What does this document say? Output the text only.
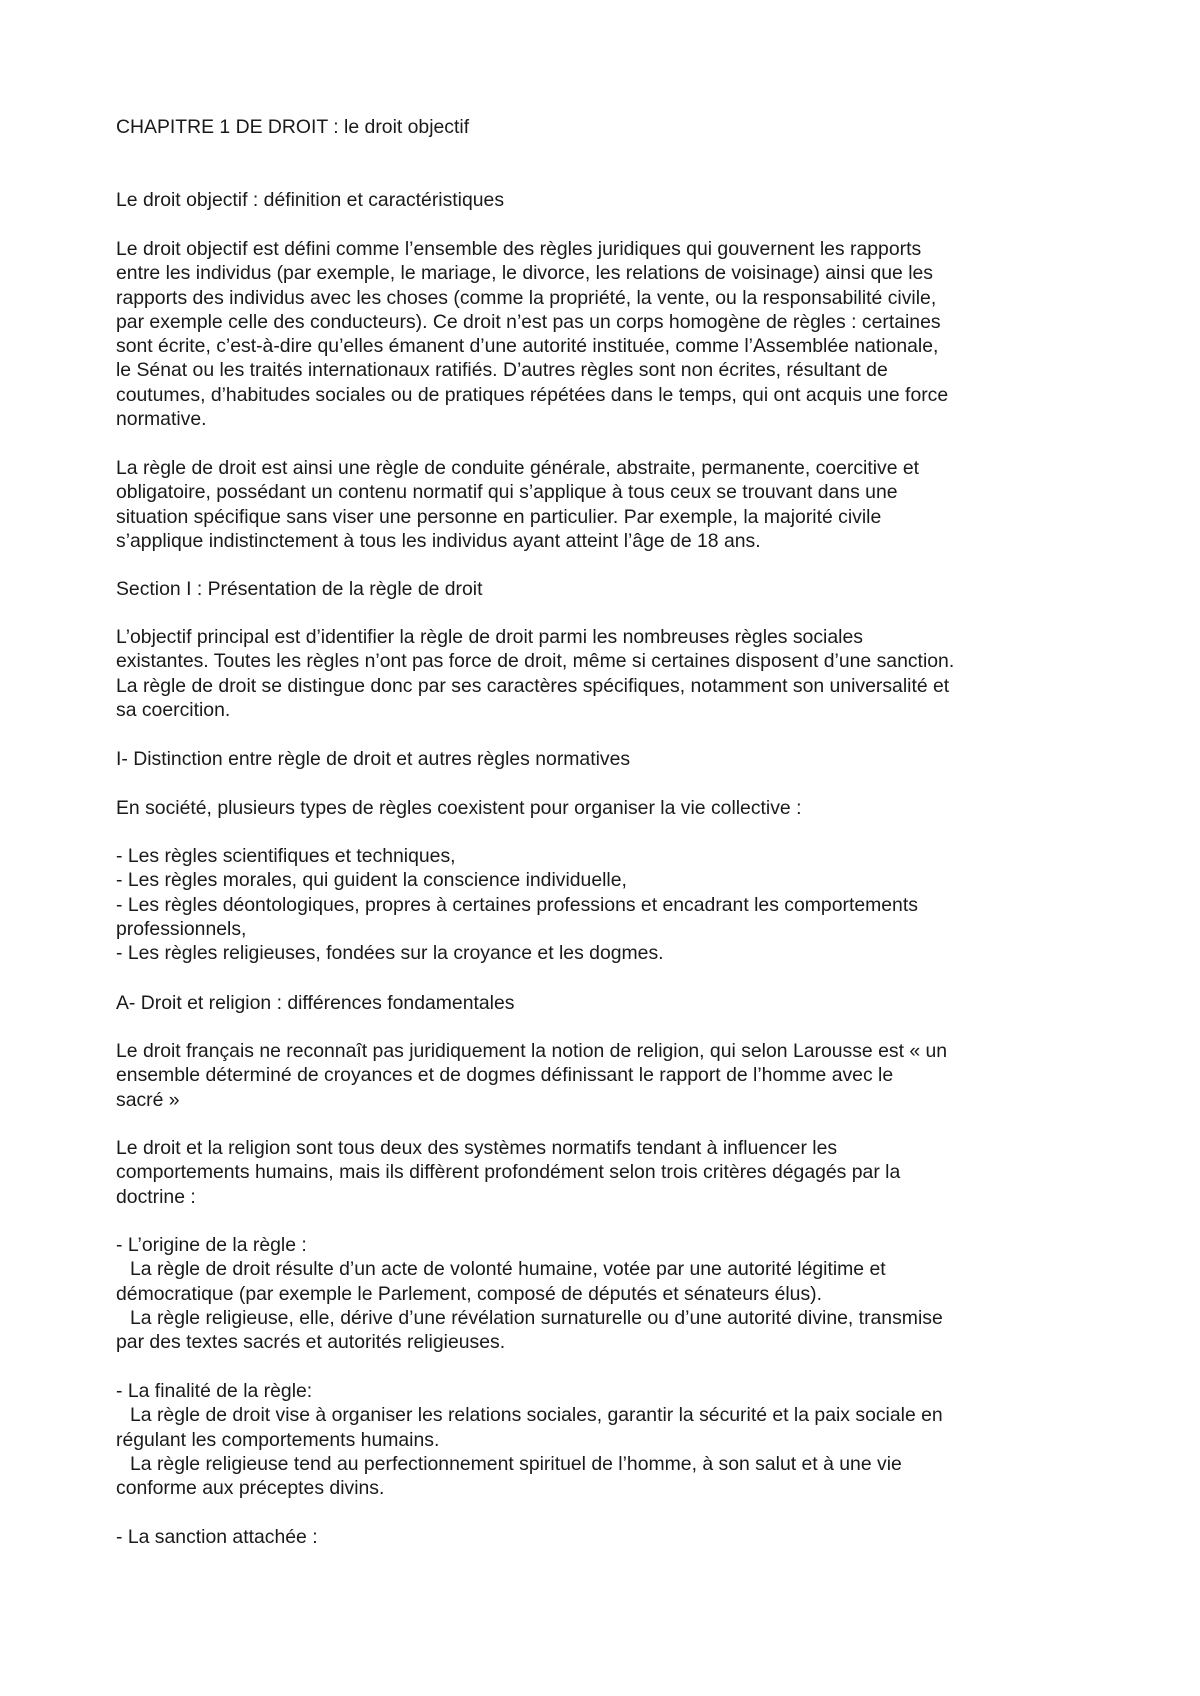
CHAPITRE 1 DE DROIT : le droit objectif
Le droit objectif : définition et caractéristiques
Le droit objectif est défini comme l’ensemble des règles juridiques qui gouvernent les rapports
entre les individus (par exemple, le mariage, le divorce, les relations de voisinage) ainsi que les
rapports des individus avec les choses (comme la propriété, la vente, ou la responsabilité civile,
par exemple celle des conducteurs). Ce droit n’est pas un corps homogène de règles : certaines
sont écrite, c’est-à-dire qu’elles émanent d’une autorité instituée, comme l’Assemblée nationale,
le Sénat ou les traités internationaux ratifiés. D’autres règles sont non écrites, résultant de
coutumes, d’habitudes sociales ou de pratiques répétées dans le temps, qui ont acquis une force
normative.
La règle de droit est ainsi une règle de conduite générale, abstraite, permanente, coercitive et
obligatoire, possédant un contenu normatif qui s’applique à tous ceux se trouvant dans une
situation spécifique sans viser une personne en particulier. Par exemple, la majorité civile
s’applique indistinctement à tous les individus ayant atteint l’âge de 18 ans.
Section I : Présentation de la règle de droit
L’objectif principal est d’identifier la règle de droit parmi les nombreuses règles sociales
existantes. Toutes les règles n’ont pas force de droit, même si certaines disposent d’une sanction.
La règle de droit se distingue donc par ses caractères spécifiques, notamment son universalité et
sa coercition.
I- Distinction entre règle de droit et autres règles normatives
En société, plusieurs types de règles coexistent pour organiser la vie collective :
- Les règles scientifiques et techniques,
- Les règles morales, qui guident la conscience individuelle,
- Les règles déontologiques, propres à certaines professions et encadrant les comportements
professionnels,
- Les règles religieuses, fondées sur la croyance et les dogmes.
A- Droit et religion : différences fondamentales
Le droit français ne reconnaît pas juridiquement la notion de religion, qui selon Larousse est « un
ensemble déterminé de croyances et de dogmes définissant le rapport de l’homme avec le
sacré »
Le droit et la religion sont tous deux des systèmes normatifs tendant à influencer les
comportements humains, mais ils diffèrent profondément selon trois critères dégagés par la
doctrine :
- L’origine de la règle :
La règle de droit résulte d’un acte de volonté humaine, votée par une autorité légitime et
démocratique (par exemple le Parlement, composé de députés et sénateurs élus).
La règle religieuse, elle, dérive d’une révélation surnaturelle ou d’une autorité divine, transmise
par des textes sacrés et autorités religieuses.
- La finalité de la règle:
La règle de droit vise à organiser les relations sociales, garantir la sécurité et la paix sociale en
régulant les comportements humains.
La règle religieuse tend au perfectionnement spirituel de l’homme, à son salut et à une vie
conforme aux préceptes divins.
- La sanction attachée :
